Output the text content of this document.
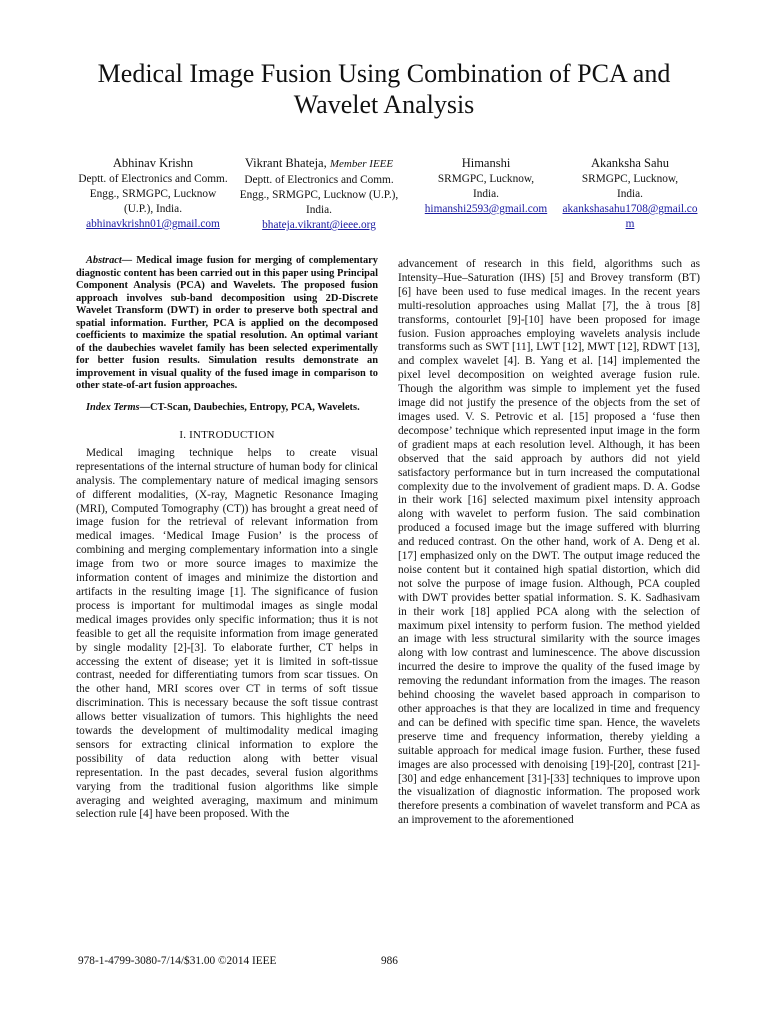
Medical Image Fusion Using Combination of PCA and Wavelet Analysis
Abhinav Krishn
Deptt. of Electronics and Comm. Engg., SRMGPC, Lucknow (U.P.), India.
abhinavkrishn01@gmail.com
Vikrant Bhateja, Member IEEE
Deptt. of Electronics and Comm. Engg., SRMGPC, Lucknow (U.P.), India.
bhateja.vikrant@ieee.org
Himanshi
SRMGPC, Lucknow, India.
himanshi2593@gmail.com
Akanksha Sahu
SRMGPC, Lucknow, India.
akankshasahu1708@gmail.com

Abstract— Medical image fusion for merging of complementary diagnostic content has been carried out in this paper using Principal Component Analysis (PCA) and Wavelets. The proposed fusion approach involves sub-band decomposition using 2D-Discrete Wavelet Transform (DWT) in order to preserve both spectral and spatial information. Further, PCA is applied on the decomposed coefficients to maximize the spatial resolution. An optimal variant of the daubechies wavelet family has been selected experimentally for better fusion results. Simulation results demonstrate an improvement in visual quality of the fused image in comparison to other state-of-art fusion approaches.

Index Terms—CT-Scan, Daubechies, Entropy, PCA, Wavelets.

I. INTRODUCTION

Medical imaging technique helps to create visual representations of the internal structure of human body for clinical analysis. The complementary nature of medical imaging sensors of different modalities, (X-ray, Magnetic Resonance Imaging (MRI), Computed Tomography (CT)) has brought a great need of image fusion for the retrieval of relevant information from medical images. ‘Medical Image Fusion’ is the process of combining and merging complementary information into a single image from two or more source images to maximize the information content of images and minimize the distortion and artifacts in the resulting image [1]. The significance of fusion process is important for multimodal images as single modal medical images provides only specific information; thus it is not feasible to get all the requisite information from image generated by single modality [2]-[3]. To elaborate further, CT helps in accessing the extent of disease; yet it is limited in soft-tissue contrast, needed for differentiating tumors from scar tissues. On the other hand, MRI scores over CT in terms of soft tissue discrimination. This is necessary because the soft tissue contrast allows better visualization of tumors. This highlights the need towards the development of multimodality medical imaging sensors for extracting clinical information to explore the possibility of data reduction along with better visual representation. In the past decades, several fusion algorithms varying from the traditional fusion algorithms like simple averaging and weighted averaging, maximum and minimum selection rule [4] have been proposed. With the

advancement of research in this field, algorithms such as Intensity–Hue–Saturation (IHS) [5] and Brovey transform (BT) [6] have been used to fuse medical images. In the recent years multi-resolution approaches using Mallat [7], the à trous [8] transforms, contourlet [9]-[10] have been proposed for image fusion. Fusion approaches employing wavelets analysis include transforms such as SWT [11], LWT [12], MWT [12], RDWT [13], and complex wavelet [4]. B. Yang et al. [14] implemented the pixel level decomposition on weighted average fusion rule. Though the algorithm was simple to implement yet the fused image did not justify the presence of the objects from the set of images used. V. S. Petrovic et al. [15] proposed a ‘fuse then decompose’ technique which represented input image in the form of gradient maps at each resolution level. Although, it has been observed that the said approach by authors did not yield satisfactory performance but in turn increased the computational complexity due to the involvement of gradient maps. D. A. Godse in their work [16] selected maximum pixel intensity approach along with wavelet to perform fusion. The said combination produced a focused image but the image suffered with blurring and reduced contrast. On the other hand, work of A. Deng et al. [17] emphasized only on the DWT. The output image reduced the noise content but it contained high spatial distortion, which did not solve the purpose of image fusion. Although, PCA coupled with DWT provides better spatial information. S. K. Sadhasivam in their work [18] applied PCA along with the selection of maximum pixel intensity to perform fusion. The method yielded an image with less structural similarity with the source images along with low contrast and luminescence. The above discussion incurred the desire to improve the quality of the fused image by removing the redundant information from the images. The reason behind choosing the wavelet based approach in comparison to other approaches is that they are localized in time and frequency and can be defined with specific time span. Hence, the wavelets preserve time and frequency information, thereby yielding a suitable approach for medical image fusion. Further, these fused images are also processed with denoising [19]-[20], contrast [21]-[30] and edge enhancement [31]-[33] techniques to improve upon the visualization of diagnostic information. The proposed work therefore presents a combination of wavelet transform and PCA as an improvement to the aforementioned

978-1-4799-3080-7/14/$31.00 ©2014 IEEE	986
